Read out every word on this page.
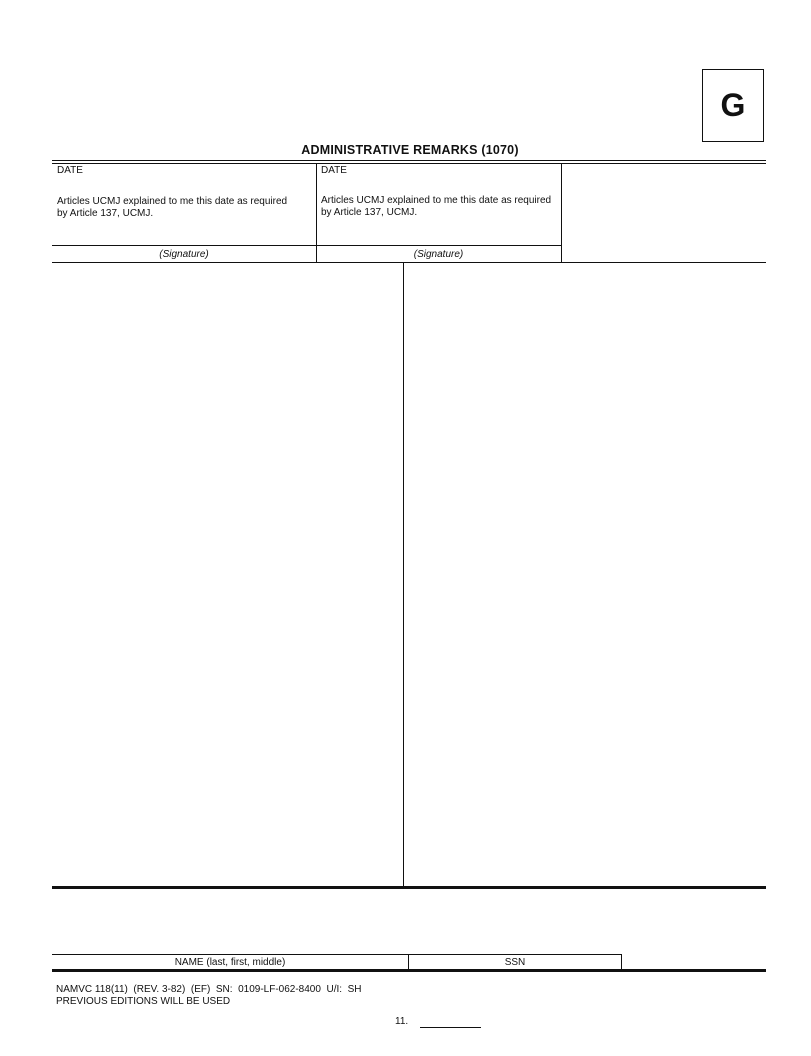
G
ADMINISTRATIVE REMARKS (1070)
DATE
Articles UCMJ explained to me this date as required by Article 137, UCMJ.
(Signature)
DATE
Articles UCMJ explained to me this date as required by Article 137, UCMJ.
(Signature)
NAME (last, first, middle)	SSN
NAMVC 118(11)  (REV. 3-82)  (EF)  SN:  0109-LF-062-8400  U/I:  SH
PREVIOUS EDITIONS WILL BE USED
11.
